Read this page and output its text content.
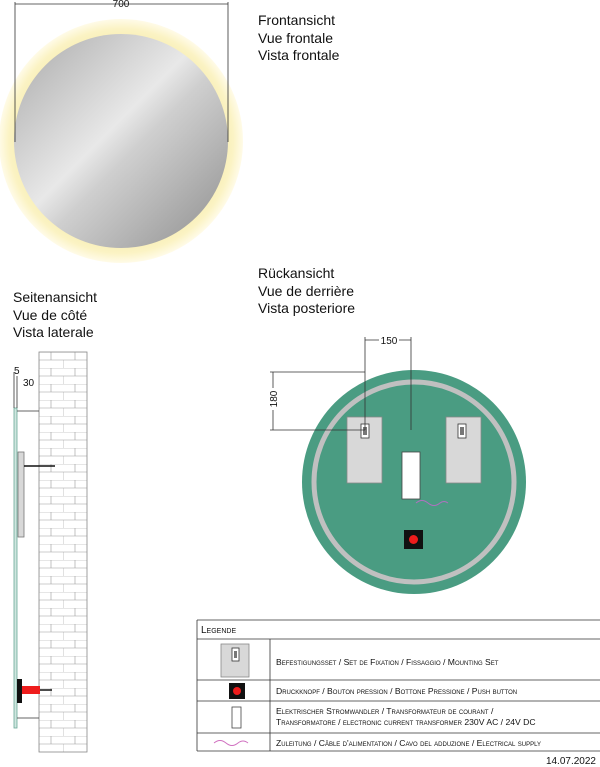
700
Frontansicht
Vue frontale
Vista frontale
Rückansicht
Vue de derrière
Vista posteriore
150
180
Seitenansicht
Vue de côté
Vista laterale
5
30
Legende
Befestigungsset / Set de Fixation / Fissaggio / Mounting Set
Druckknopf / Bouton pression / Bottone Pressione / Push button
Elektrischer Stromwandler / Transformateur de courant /
Transformatore / electronic current transformer 230V AC / 24V DC
Zuleitung / Câble d'alimentation / Cavo del adduzione / Electrical supply
14.07.2022
